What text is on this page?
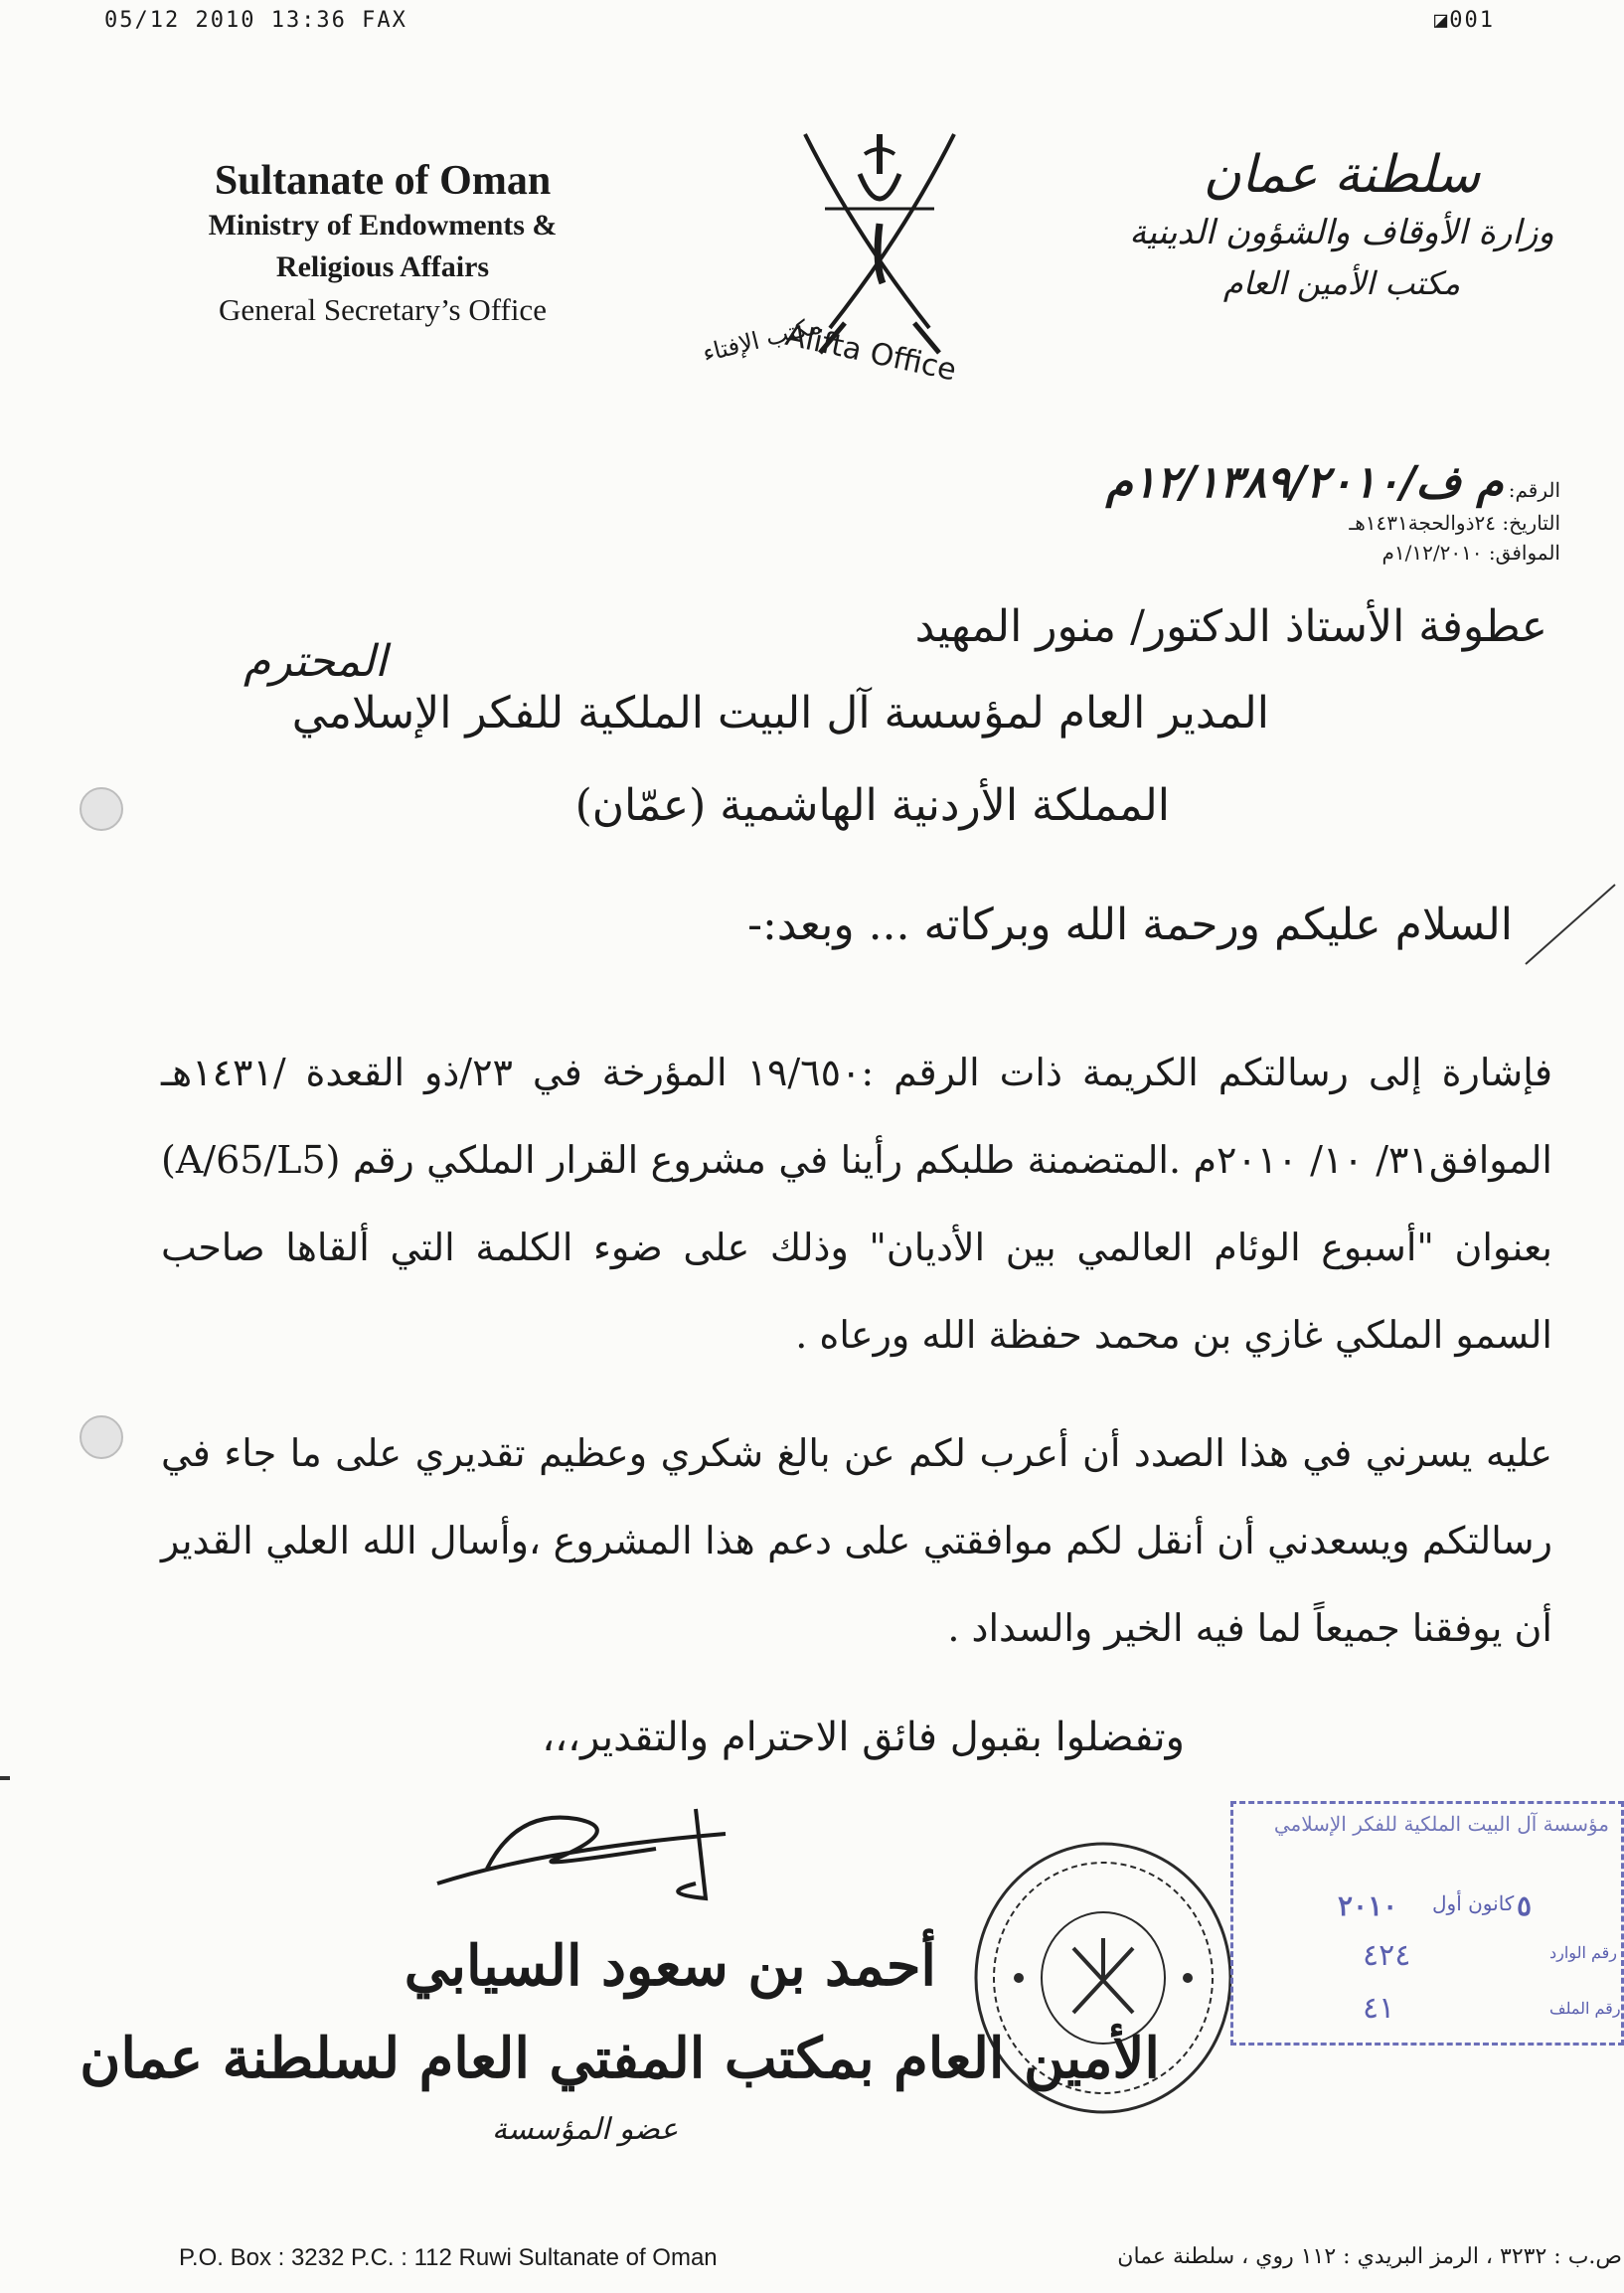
05/12 2010 13:36 FAX	◪001
Sultanate of Oman
Ministry of Endowments &
Religious Affairs
General Secretary’s Office
Alifta Office
مكتب الإفتاء
سلطنة عمان
وزارة الأوقاف والشؤون الدينية
مكتب الأمين العام
الرقم: م ف/١٢/١٣٨٩/٢٠١٠م
التاريخ: ٢٤ذوالحجة١٤٣١هـ
الموافق: ١/١٢/٢٠١٠م
عطوفة الأستاذ الدكتور/ منور المهيد
المحترم
المدير العام لمؤسسة آل البيت الملكية للفكر الإسلامي
المملكة الأردنية الهاشمية (عمّان)
السلام عليكم ورحمة الله وبركاته ... وبعد:-
فإشارة إلى رسالتكم الكريمة ذات الرقم :١٩/٦٥٠ المؤرخة في ٢٣/ذو القعدة /١٤٣١هـ الموافق٣١/ ١٠/ ٢٠١٠م .المتضمنة طلبكم رأينا في مشروع القرار الملكي رقم (A/65/L5) بعنوان "أسبوع الوئام العالمي بين الأديان" وذلك على ضوء الكلمة التي ألقاها صاحب السمو الملكي غازي بن محمد حفظة الله ورعاه .
عليه يسرني في هذا الصدد أن أعرب لكم عن بالغ شكري وعظيم تقديري على ما جاء في رسالتكم ويسعدني أن أنقل لكم موافقتي على دعم هذا المشروع ،وأسال الله العلي القدير أن يوفقنا جميعاً لما فيه الخير والسداد .
وتفضلوا بقبول فائق الاحترام والتقدير،،،
مؤسسة آل البيت الملكية للفكر الإسلامي
٥
كانون أول
٢٠١٠
رقم الوارد
٤٢٤
رقم الملف
٤١
أحمد بن سعود السيابي
الأمين العام بمكتب المفتي العام لسلطنة عمان
عضو المؤسسة
P.O. Box : 3232 P.C. : 112 Ruwi Sultanate of Oman	ص.ب : ٣٢٣٢ ، الرمز البريدي : ١١٢ روي ، سلطنة عمان
